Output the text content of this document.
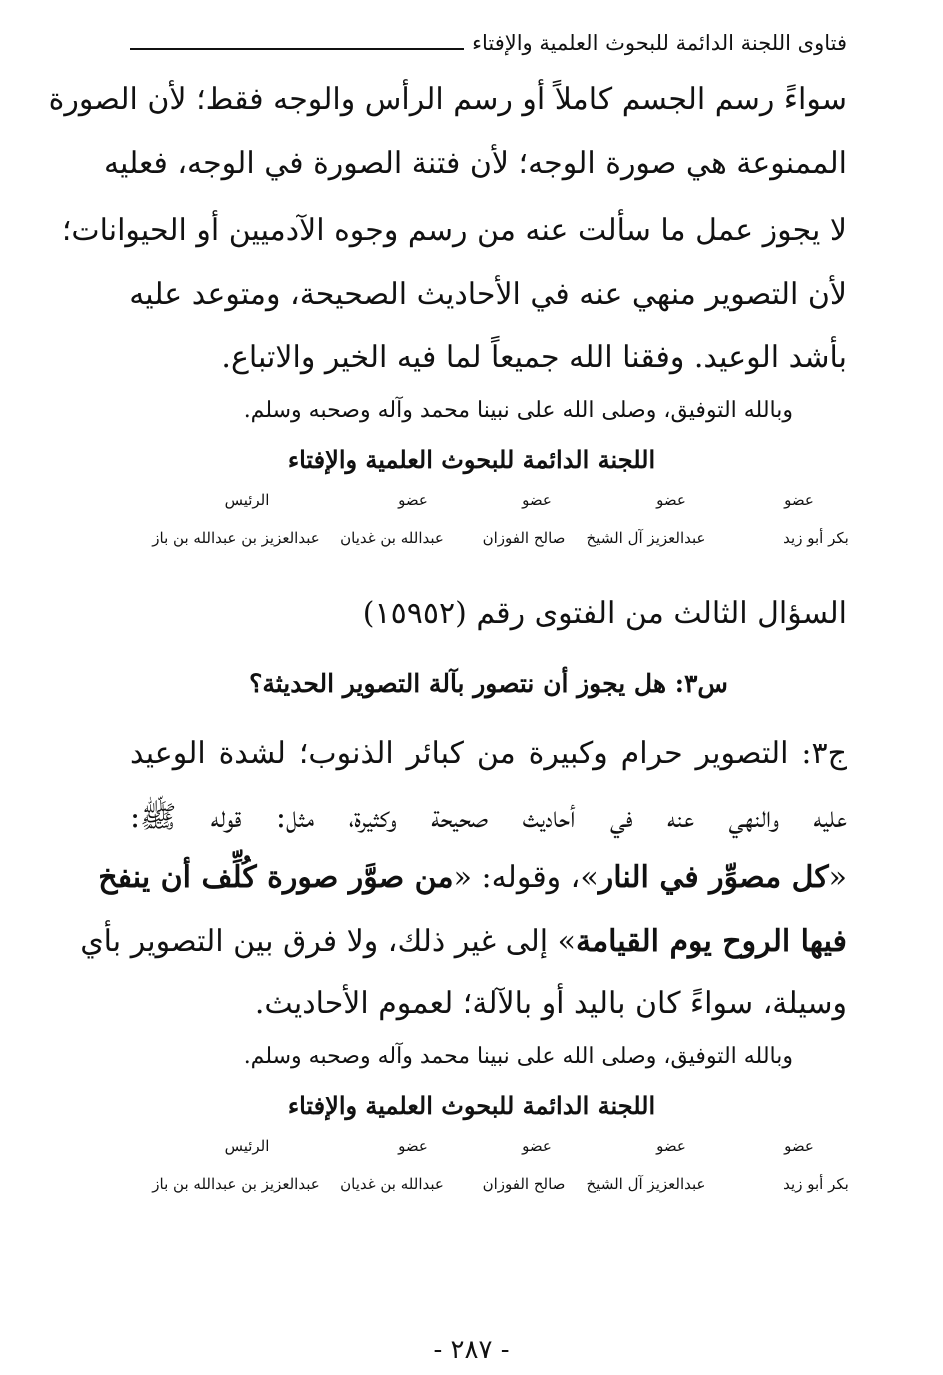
فتاوى اللجنة الدائمة للبحوث العلمية والإفتاء
سواءً رسم الجسم كاملاً أو رسم الرأس والوجه فقط؛ لأن الصورة
الممنوعة هي صورة الوجه؛ لأن فتنة الصورة في الوجه، فعليه
لا يجوز عمل ما سألت عنه من رسم وجوه الآدميين أو الحيوانات؛
لأن التصوير منهي عنه في الأحاديث الصحيحة، ومتوعد عليه
بأشد الوعيد. وفقنا الله جميعاً لما فيه الخير والاتباع.
وبالله التوفيق، وصلى الله على نبينا محمد وآله وصحبه وسلم.
اللجنة الدائمة للبحوث العلمية والإفتاء
عضو
عضو
عضو
عضو
الرئيس
بكر أبو زيد
عبدالعزيز آل الشيخ
صالح الفوزان
عبدالله بن غديان
عبدالعزيز بن عبدالله بن باز
السؤال الثالث من الفتوى رقم (١٥٩٥٢)
س٣: هل يجوز أن نتصور بآلة التصوير الحديثة؟
ج٣: التصوير حرام وكبيرة من كبائر الذنوب؛ لشدة الوعيد
عليه والنهي عنه في أحاديث صحيحة وكثيرة، مثل: قوله ﷺ:
«كل مصوِّر في النار»، وقوله: «من صوَّر صورة كُلِّف أن ينفخ
فيها الروح يوم القيامة» إلى غير ذلك، ولا فرق بين التصوير بأي
وسيلة، سواءً كان باليد أو بالآلة؛ لعموم الأحاديث.
وبالله التوفيق، وصلى الله على نبينا محمد وآله وصحبه وسلم.
اللجنة الدائمة للبحوث العلمية والإفتاء
عضو
عضو
عضو
عضو
الرئيس
بكر أبو زيد
عبدالعزيز آل الشيخ
صالح الفوزان
عبدالله بن غديان
عبدالعزيز بن عبدالله بن باز
- ٢٨٧ -
